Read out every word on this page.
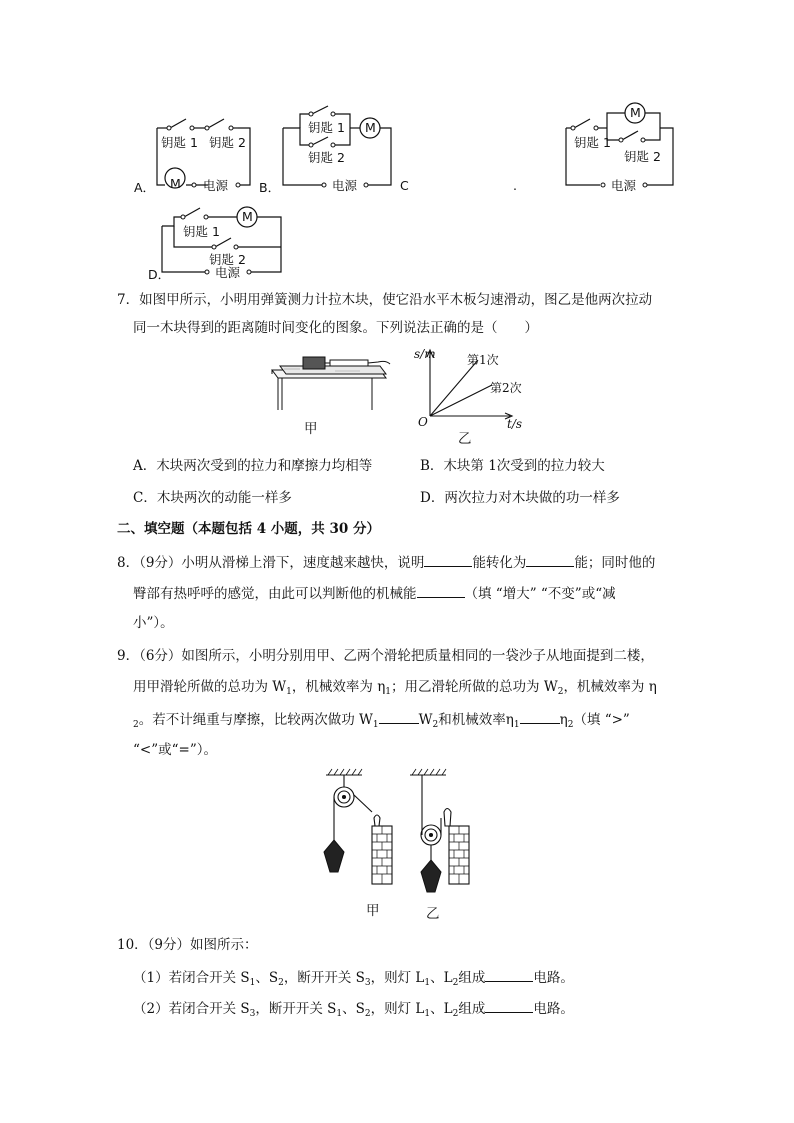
M
钥匙 1 钥匙 2
电源
A．
M
钥匙 1
钥匙 2
电源
B．	C	.
M
钥匙 1
钥匙 2
电源
M
钥匙 1
钥匙 2
电源
D．
7．如图甲所示，小明用弹簧测力计拉木块，使它沿水平木板匀速滑动，图乙是他两次拉动
同一木块得到的距离随时间变化的图象。下列说法正确的是（　　）
甲
s/m
t/s
O
第1次
第2次
乙
A．木块两次受到的拉力和摩擦力均相等	B．木块第 1次受到的拉力较大
C．木块两次的动能一样多	D．两次拉力对木块做的功一样多
二、填空题（本题包括 4 小题，共 30 分）
8．（9分）小明从滑梯上滑下，速度越来越快，说明	能转化为	能；同时他的
臀部有热呼呼的感觉，由此可以判断他的机械能	（填 “增大” “不变”或“减
小”）。
9．（6分）如图所示，小明分别用甲、乙两个滑轮把质量相同的一袋沙子从地面提到二楼，
用甲滑轮所做的总功为 $W_1$，机械效率为 $\eta_1$；用乙滑轮所做的总功为 $W_2$，机械效率为 η
$_2$。若不计绳重与摩擦，比较两次做功 $W_1$	$W_2$和机械效率$\eta_1$	$\eta_2$（填 “>”
“<”或“=”）。
甲	乙
10．（9分）如图所示：
（1）若闭合开关 $S_1$、$S_2$，断开开关 $S_3$，则灯 $L_1$、$L_2$组成	电路。
（2）若闭合开关 $S_3$，断开开关 $S_1$、$S_2$，则灯 $L_1$、$L_2$组成	电路。
